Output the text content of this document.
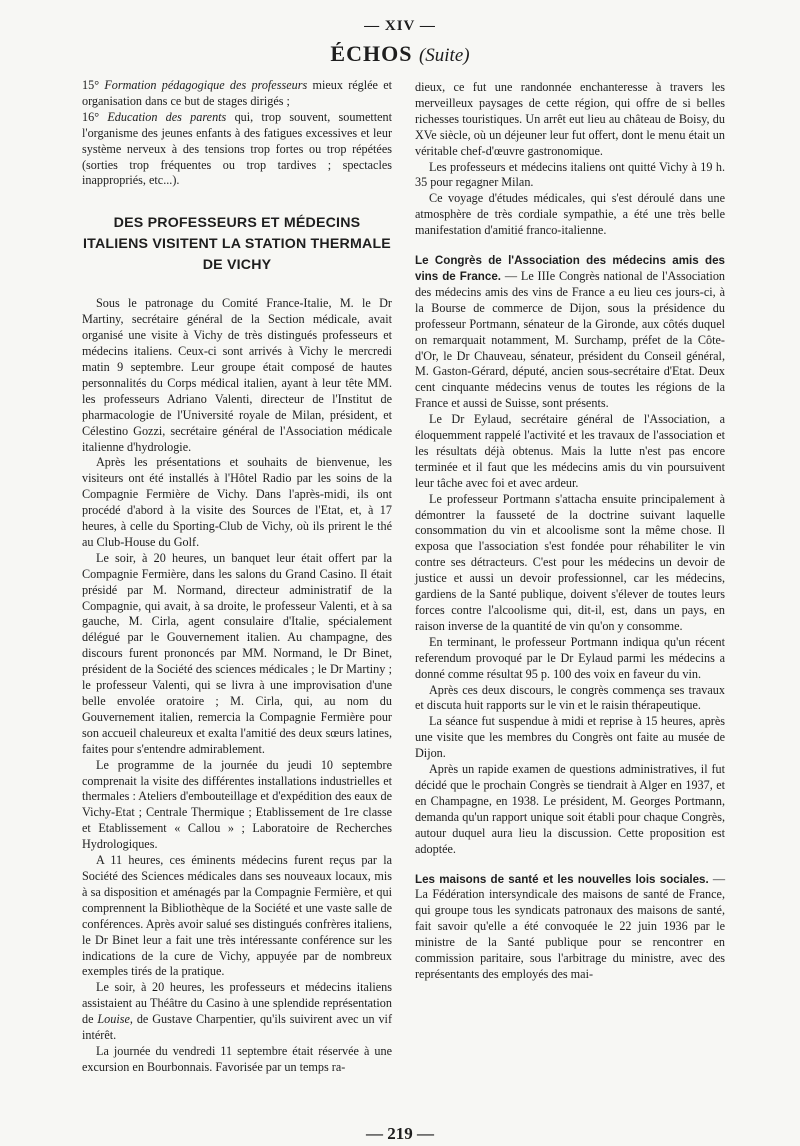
— XIV —
ÉCHOS (Suite)

15° Formation pédagogique des professeurs mieux réglée et organisation dans ce but de stages dirigés ;

16° Education des parents qui, trop souvent, soumettent l'organisme des jeunes enfants à des fatigues excessives et leur système nerveux à des tensions trop fortes ou trop répétées (sorties trop fréquentes ou trop tardives ; spectacles inappropriés, etc...).

DES PROFESSEURS ET MÉDECINS ITALIENS VISITENT LA STATION THERMALE DE VICHY

Sous le patronage du Comité France-Italie, M. le Dr Martiny, secrétaire général de la Section médicale, avait organisé une visite à Vichy de très distingués professeurs et médecins italiens. Ceux-ci sont arrivés à Vichy le mercredi matin 9 septembre. Leur groupe était composé de hautes personnalités du Corps médical italien, ayant à leur tête MM. les professeurs Adriano Valenti, directeur de l'Institut de pharmacologie de l'Université royale de Milan, président, et Célestino Gozzi, secrétaire général de l'Association médicale italienne d'hydrologie.

Après les présentations et souhaits de bienvenue, les visiteurs ont été installés à l'Hôtel Radio par les soins de la Compagnie Fermière de Vichy. Dans l'après-midi, ils ont procédé d'abord à la visite des Sources de l'Etat, et, à 17 heures, à celle du Sporting-Club de Vichy, où ils prirent le thé au Club-House du Golf.

Le soir, à 20 heures, un banquet leur était offert par la Compagnie Fermière, dans les salons du Grand Casino. Il était présidé par M. Normand, directeur administratif de la Compagnie, qui avait, à sa droite, le professeur Valenti, et à sa gauche, M. Cirla, agent consulaire d'Italie, spécialement délégué par le Gouvernement italien. Au champagne, des discours furent prononcés par MM. Normand, le Dr Binet, président de la Société des sciences médicales ; le Dr Martiny ; le professeur Valenti, qui se livra à une improvisation d'une belle envolée oratoire ; M. Cirla, qui, au nom du Gouvernement italien, remercia la Compagnie Fermière pour son accueil chaleureux et exalta l'amitié des deux sœurs latines, faites pour s'entendre admirablement.

Le programme de la journée du jeudi 10 septembre comprenait la visite des différentes installations industrielles et thermales : Ateliers d'embouteillage et d'expédition des eaux de Vichy-Etat ; Centrale Thermique ; Etablissement de 1re classe et Etablissement « Callou » ; Laboratoire de Recherches Hydrologiques.

A 11 heures, ces éminents médecins furent reçus par la Société des Sciences médicales dans ses nouveaux locaux, mis à sa disposition et aménagés par la Compagnie Fermière, et qui comprennent la Bibliothèque de la Société et une vaste salle de conférences. Après avoir salué ses distingués confrères italiens, le Dr Binet leur a fait une très intéressante conférence sur les indications de la cure de Vichy, appuyée par de nombreux exemples tirés de la pratique.

Le soir, à 20 heures, les professeurs et médecins italiens assistaient au Théâtre du Casino à une splendide représentation de Louise, de Gustave Charpentier, qu'ils suivirent avec un vif intérêt.

La journée du vendredi 11 septembre était réservée à une excursion en Bourbonnais. Favorisée par un temps ra-

dieux, ce fut une randonnée enchanteresse à travers les merveilleux paysages de cette région, qui offre de si belles richesses touristiques. Un arrêt eut lieu au château de Boisy, du XVe siècle, où un déjeuner leur fut offert, dont le menu était un véritable chef-d'œuvre gastronomique.

Les professeurs et médecins italiens ont quitté Vichy à 19 h. 35 pour regagner Milan.

Ce voyage d'études médicales, qui s'est déroulé dans une atmosphère de très cordiale sympathie, a été une très belle manifestation d'amitié franco-italienne.

Le Congrès de l'Association des médecins amis des vins de France. — Le IIIe Congrès national de l'Association des médecins amis des vins de France a eu lieu ces jours-ci, à la Bourse de commerce de Dijon, sous la présidence du professeur Portmann, sénateur de la Gironde, aux côtés duquel on remarquait notamment, M. Surchamp, préfet de la Côte-d'Or, le Dr Chauveau, sénateur, président du Conseil général, M. Gaston-Gérard, député, ancien sous-secrétaire d'Etat. Deux cent cinquante médecins venus de toutes les régions de la France et aussi de Suisse, sont présents.

Le Dr Eylaud, secrétaire général de l'Association, a éloquemment rappelé l'activité et les travaux de l'association et les résultats déjà obtenus. Mais la lutte n'est pas encore terminée et il faut que les médecins amis du vin poursuivent leur tâche avec foi et avec ardeur.

Le professeur Portmann s'attacha ensuite principalement à démontrer la fausseté de la doctrine suivant laquelle consommation du vin et alcoolisme sont la même chose. Il exposa que l'association s'est fondée pour réhabiliter le vin contre ses détracteurs. C'est pour les médecins un devoir de justice et aussi un devoir professionnel, car les médecins, gardiens de la Santé publique, doivent s'élever de toutes leurs forces contre l'alcoolisme qui, dit-il, est, dans un pays, en raison inverse de la quantité de vin qu'on y consomme.

En terminant, le professeur Portmann indiqua qu'un récent referendum provoqué par le Dr Eylaud parmi les médecins a donné comme résultat 95 p. 100 des voix en faveur du vin.

Après ces deux discours, le congrès commença ses travaux et discuta huit rapports sur le vin et le raisin thérapeutique.

La séance fut suspendue à midi et reprise à 15 heures, après une visite que les membres du Congrès ont faite au musée de Dijon.

Après un rapide examen de questions administratives, il fut décidé que le prochain Congrès se tiendrait à Alger en 1937, et en Champagne, en 1938. Le président, M. Georges Portmann, demanda qu'un rapport unique soit établi pour chaque Congrès, autour duquel aura lieu la discussion. Cette proposition est adoptée.

Les maisons de santé et les nouvelles lois sociales. — La Fédération intersyndicale des maisons de santé de France, qui groupe tous les syndicats patronaux des maisons de santé, fait savoir qu'elle a été convoquée le 22 juin 1936 par le ministre de la Santé publique pour se rencontrer en commission paritaire, sous l'arbitrage du ministre, avec des représentants des employés des mai-

— 219 —
